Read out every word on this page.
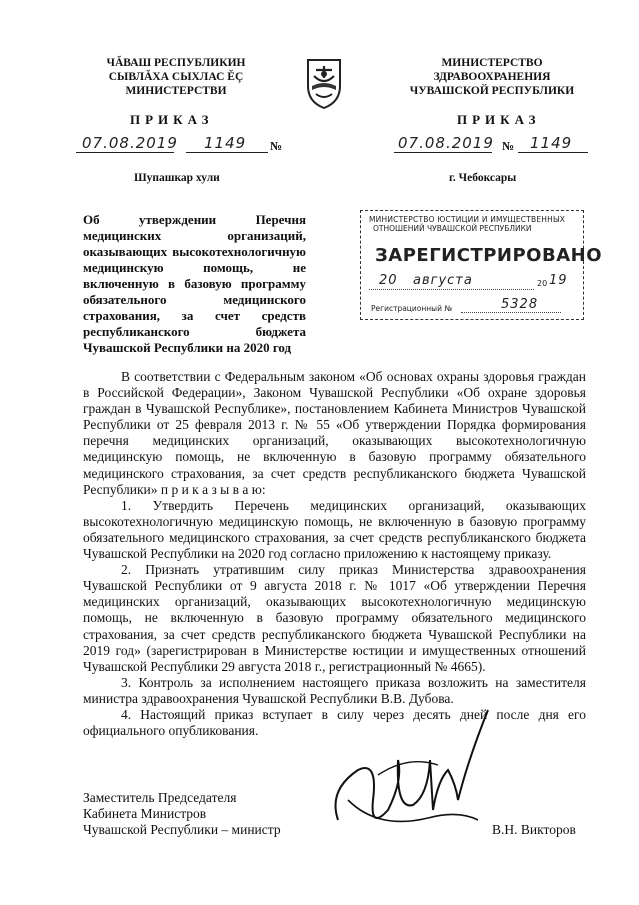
ЧĂВАШ РЕСПУБЛИКИН
СЫВЛĂХА СЫХЛАС ĔÇ
МИНИСТЕРСТВИ
МИНИСТЕРСТВО
ЗДРАВООХРАНЕНИЯ
ЧУВАШСКОЙ РЕСПУБЛИКИ
ПРИКАЗ	ПРИКАЗ
07.08.2019 1149 №	07.08.2019 № 1149
Шупашкар хули	г. Чебоксары
Об утверждении Перечня медицинских организаций, оказывающих высокотехнологичную медицинскую помощь, не включенную в базовую программу обязательного медицинского страхования, за счет средств республиканского бюджета Чувашской Республики на 2020 год
МИНИСТЕРСТВО ЮСТИЦИИ И ИМУЩЕСТВЕННЫХ
ОТНОШЕНИЙ ЧУВАШСКОЙ РЕСПУБЛИКИ
ЗАРЕГИСТРИРОВАНО
20 августа	20 19
Регистрационный №	5328

В соответствии с Федеральным законом «Об основах охраны здоровья граждан в Российской Федерации», Законом Чувашской Республики «Об охране здоровья граждан в Чувашской Республике», постановлением Кабинета Министров Чувашской Республики от 25 февраля 2013 г. № 55 «Об утверждении Порядка формирования перечня медицинских организаций, оказывающих высокотехнологичную медицинскую помощь, не включенную в базовую программу обязательного медицинского страхования, за счет средств республиканского бюджета Чувашской Республики» п р и к а з ы в а ю:

1. Утвердить Перечень медицинских организаций, оказывающих высокотехнологичную медицинскую помощь, не включенную в базовую программу обязательного медицинского страхования, за счет средств республиканского бюджета Чувашской Республики на 2020 год согласно приложению к настоящему приказу.

2. Признать утратившим силу приказ Министерства здравоохранения Чувашской Республики от 9 августа 2018 г. № 1017 «Об утверждении Перечня медицинских организаций, оказывающих высокотехнологичную медицинскую помощь, не включенную в базовую программу обязательного медицинского страхования, за счет средств республиканского бюджета Чувашской Республики на 2019 год» (зарегистрирован в Министерстве юстиции и имущественных отношений Чувашской Республики 29 августа 2018 г., регистрационный № 4665).

3. Контроль за исполнением настоящего приказа возложить на заместителя министра здравоохранения Чувашской Республики В.В. Дубова.

4. Настоящий приказ вступает в силу через десять дней после дня его официального опубликования.

Заместитель Председателя
Кабинета Министров
Чувашской Республики – министр	В.Н. Викторов
